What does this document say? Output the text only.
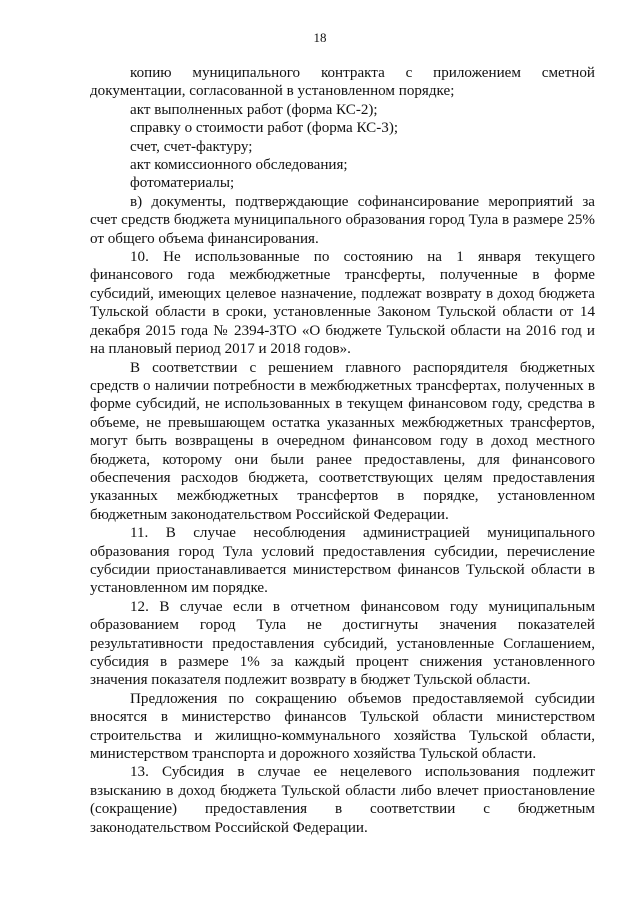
18

копию муниципального контракта с приложением сметной документации, согласованной в установленном порядке;

акт выполненных работ (форма КС-2);

справку о стоимости работ (форма КС-3);

счет, счет-фактуру;

акт комиссионного обследования;

фотоматериалы;

в) документы, подтверждающие софинансирование мероприятий за счет средств бюджета муниципального образования город Тула в размере 25% от общего объема финансирования.

10. Не использованные по состоянию на 1 января текущего финансового года межбюджетные трансферты, полученные в форме субсидий, имеющих целевое назначение, подлежат возврату в доход бюджета Тульской области в сроки, установленные Законом Тульской области от 14 декабря 2015 года № 2394-ЗТО «О бюджете Тульской области на 2016 год и на плановый период 2017 и 2018 годов».

В соответствии с решением главного распорядителя бюджетных средств о наличии потребности в межбюджетных трансфертах, полученных в форме субсидий, не использованных в текущем финансовом году, средства в объеме, не превышающем остатка указанных межбюджетных трансфертов, могут быть возвращены в очередном финансовом году в доход местного бюджета, которому они были ранее предоставлены, для финансового обеспечения расходов бюджета, соответствующих целям предоставления указанных межбюджетных трансфертов в порядке, установленном бюджетным законодательством Российской Федерации.

11. В случае несоблюдения администрацией муниципального образования город Тула условий предоставления субсидии, перечисление субсидии приостанавливается министерством финансов Тульской области в установленном им порядке.

12. В случае если в отчетном финансовом году муниципальным образованием город Тула не достигнуты значения показателей результативности предоставления субсидий, установленные Соглашением, субсидия в размере 1% за каждый процент снижения установленного значения показателя подлежит возврату в бюджет Тульской области.

Предложения по сокращению объемов предоставляемой субсидии вносятся в министерство финансов Тульской области министерством строительства и жилищно-коммунального хозяйства Тульской области, министерством транспорта и дорожного хозяйства Тульской области.

13. Субсидия в случае ее нецелевого использования подлежит взысканию в доход бюджета Тульской области либо влечет приостановление (сокращение) предоставления в соответствии с бюджетным законодательством Российской Федерации.
